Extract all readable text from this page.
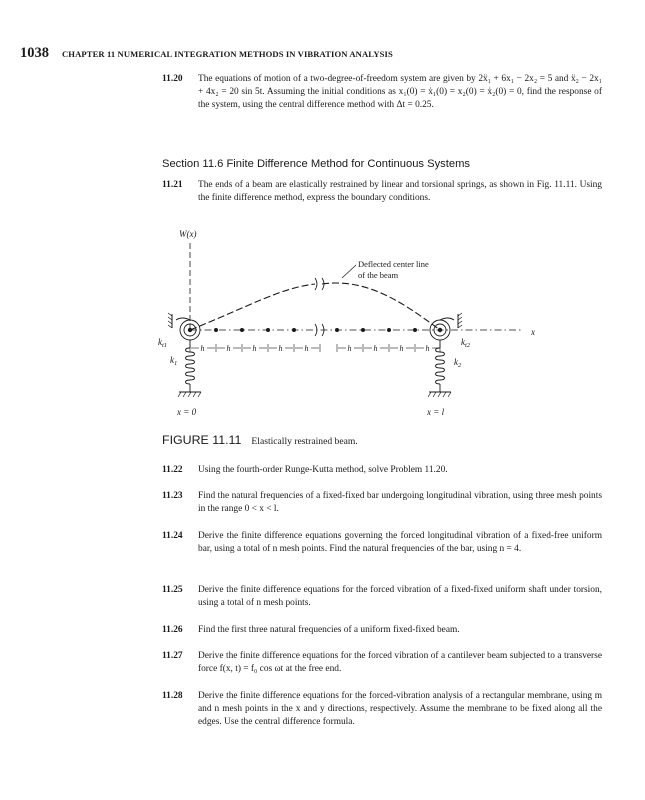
1038 CHAPTER 11 NUMERICAL INTEGRATION METHODS IN VIBRATION ANALYSIS
11.20 The equations of motion of a two-degree-of-freedom system are given by 2ẍ₁ + 6x₁ − 2x₂ = 5 and ẍ₂ − 2x₁ + 4x₂ = 20 sin 5t. Assuming the initial conditions as x₁(0) = ẋ₁(0) = x₂(0) = ẋ₂(0) = 0, find the response of the system, using the central difference method with Δt = 0.25.
Section 11.6 Finite Difference Method for Continuous Systems
11.21 The ends of a beam are elastically restrained by linear and torsional springs, as shown in Fig. 11.11. Using the finite difference method, express the boundary conditions.
W(x)
x
Deflected center line
of the beam
$k_{t1}$
$k_1$
x = 0
$k_{t2}$
$k_2$
x = l
h	h	h	h	h	h	h	h	h
FIGURE 11.11 Elastically restrained beam.
11.22 Using the fourth-order Runge-Kutta method, solve Problem 11.20.
11.23 Find the natural frequencies of a fixed-fixed bar undergoing longitudinal vibration, using three mesh points in the range 0 < x < l.
11.24 Derive the finite difference equations governing the forced longitudinal vibration of a fixed-free uniform bar, using a total of n mesh points. Find the natural frequencies of the bar, using n = 4.
11.25 Derive the finite difference equations for the forced vibration of a fixed-fixed uniform shaft under torsion, using a total of n mesh points.
11.26 Find the first three natural frequencies of a uniform fixed-fixed beam.
11.27 Derive the finite difference equations for the forced vibration of a cantilever beam subjected to a transverse force f(x, t) = f₀ cos ωt at the free end.
11.28 Derive the finite difference equations for the forced-vibration analysis of a rectangular membrane, using m and n mesh points in the x and y directions, respectively. Assume the membrane to be fixed along all the edges. Use the central difference formula.
